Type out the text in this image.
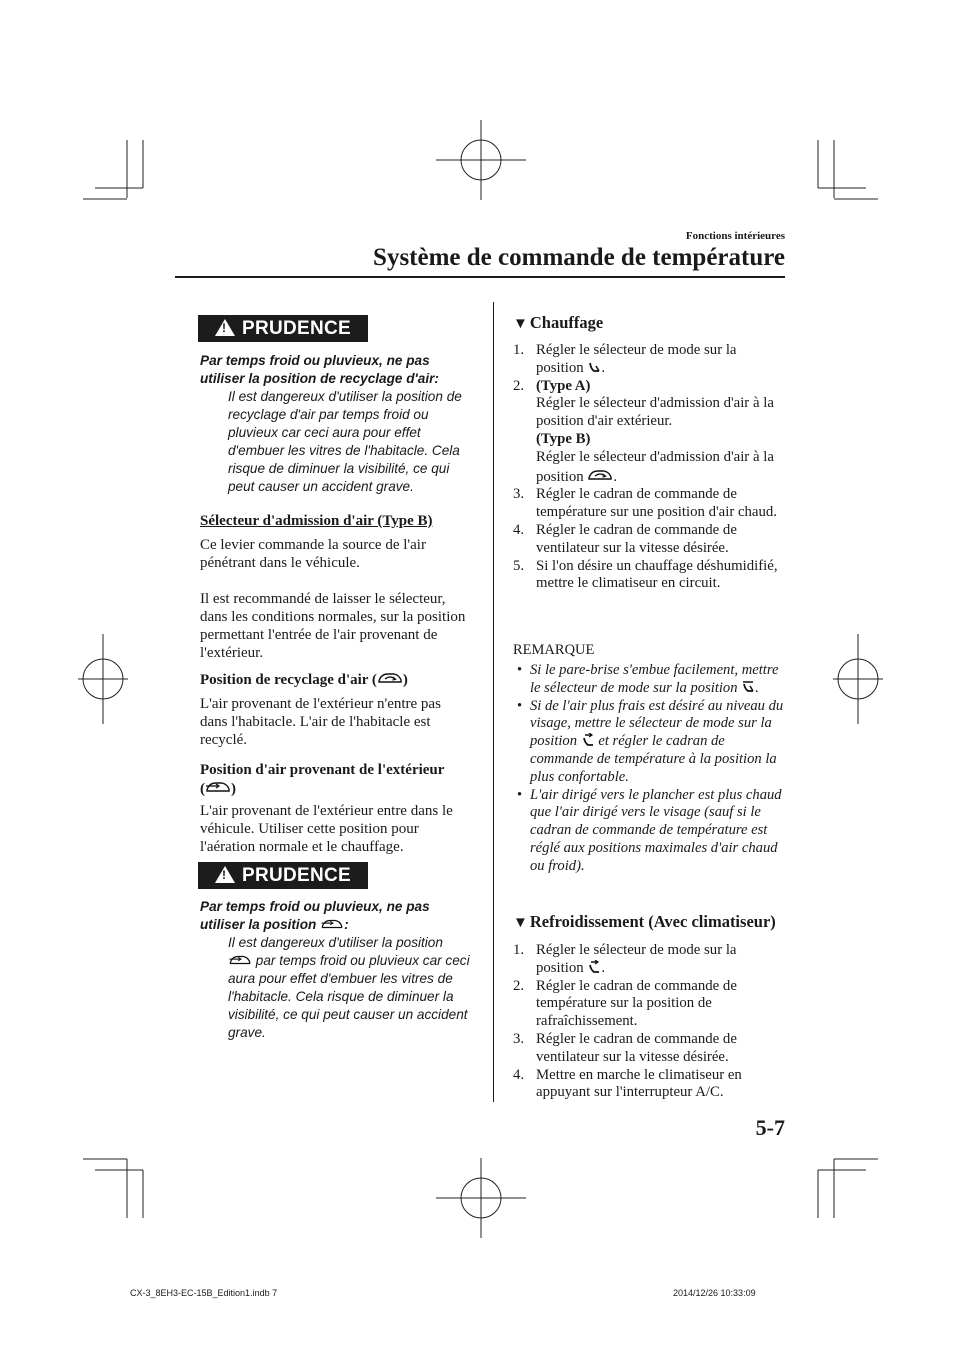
Fonctions intérieures
Système de commande de température
!
PRUDENCE
Par temps froid ou pluvieux, ne pas utiliser la position de recyclage d'air:
Il est dangereux d'utiliser la position de recyclage d'air par temps froid ou pluvieux car ceci aura pour effet d'embuer les vitres de l'habitacle. Cela risque de diminuer la visibilité, ce qui peut causer un accident grave.
Sélecteur d'admission d'air (Type B)
Ce levier commande la source de l'air pénétrant dans le véhicule.
Il est recommandé de laisser le sélecteur, dans les conditions normales, sur la position permettant l'entrée de l'air provenant de l'extérieur.
Position de recyclage d'air ( )
L'air provenant de l'extérieur n'entre pas dans l'habitacle. L'air de l'habitacle est recyclé.
Position d'air provenant de l'extérieur
( )
L'air provenant de l'extérieur entre dans le véhicule. Utiliser cette position pour l'aération normale et le chauffage.
!
PRUDENCE
Par temps froid ou pluvieux, ne pas
utiliser la position :
Il est dangereux d'utiliser la position
par temps froid ou pluvieux car ceci aura pour effet d'embuer les vitres de l'habitacle. Cela risque de diminuer la visibilité, ce qui peut causer un accident grave.
▼ Chauffage
1. Régler le sélecteur de mode sur la position .
2. (Type A)
Régler le sélecteur d'admission d'air à la position d'air extérieur.
(Type B)
Régler le sélecteur d'admission d'air à la position .
3. Régler le cadran de commande de température sur une position d'air chaud.
4. Régler le cadran de commande de ventilateur sur la vitesse désirée.
5. Si l'on désire un chauffage déshumidifié, mettre le climatiseur en circuit.
REMARQUE
• Si le pare-brise s'embue facilement, mettre le sélecteur de mode sur la position .
• Si de l'air plus frais est désiré au niveau du visage, mettre le sélecteur de mode sur la position et régler le cadran de commande de température à la position la plus confortable.
• L'air dirigé vers le plancher est plus chaud que l'air dirigé vers le visage (sauf si le cadran de commande de température est réglé aux positions maximales d'air chaud ou froid).
▼ Refroidissement (Avec climatiseur)
1. Régler le sélecteur de mode sur la position .
2. Régler le cadran de commande de température sur la position de rafraîchissement.
3. Régler le cadran de commande de ventilateur sur la vitesse désirée.
4. Mettre en marche le climatiseur en appuyant sur l'interrupteur A/C.
5-7
CX-3_8EH3-EC-15B_Edition1.indb 7	2014/12/26 10:33:09
